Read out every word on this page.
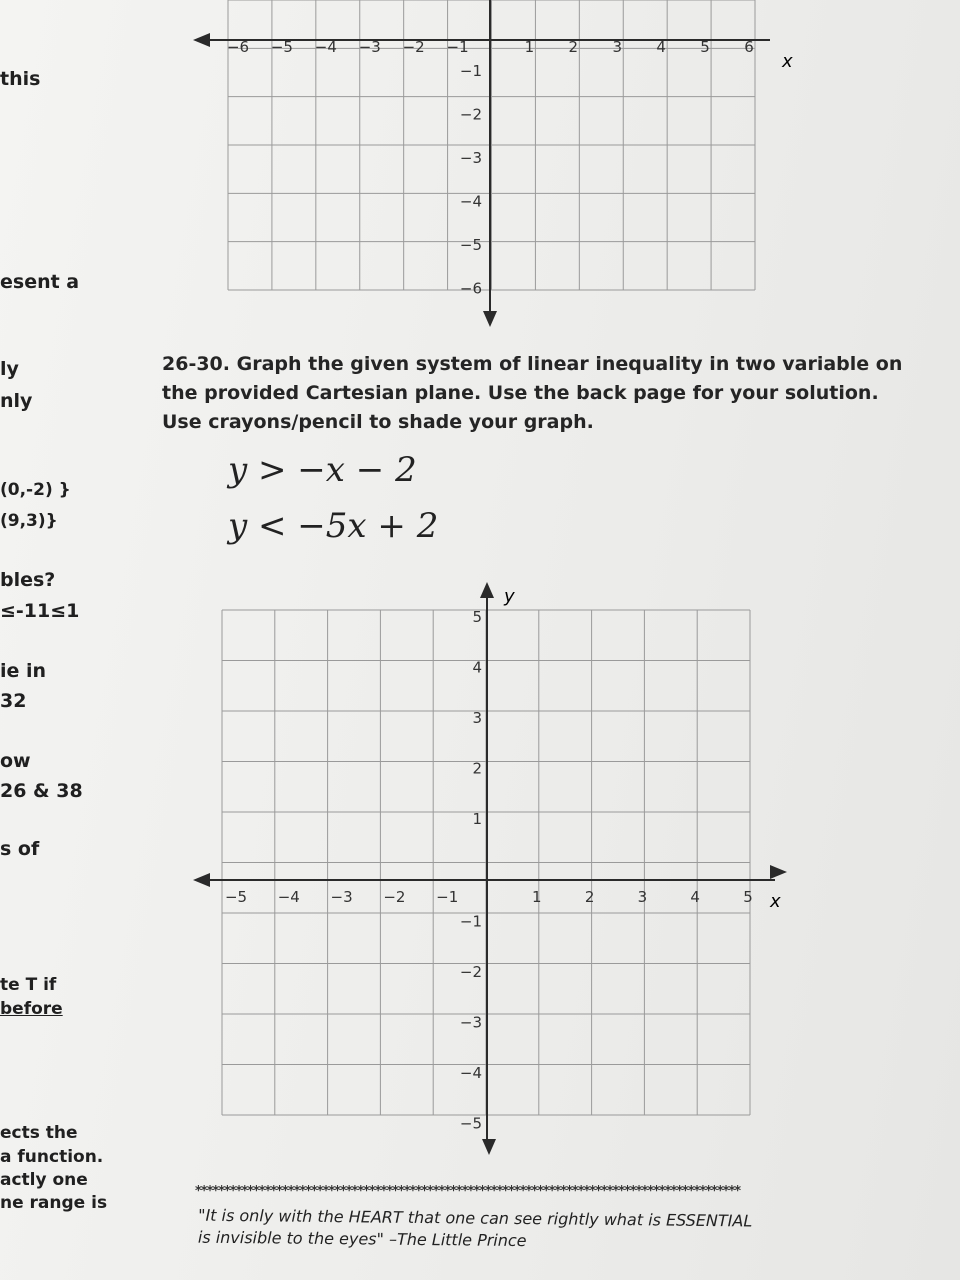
this
esent a
ly
nly
(0,-2) }
(9,3)}
bles?
≤-11≤1
ie in
32
ow
26 & 38
s of
te T if
before
ects the
a function.
actly one
ne range is
−6 −5 −4 −3 −2 −1	1 2 3 4 5 6
−1
−2
−3
−4
−5
−6
x
26-30. Graph the given system of linear inequality in two variable on
the provided Cartesian plane. Use the back page for your solution.
Use crayons/pencil to shade your graph.
y > −x − 2
y < −5x + 2
−5 −4 −3 −2 −1	1	2	3	4	5
5
4
3
2
1
−1
−2
−3
−4
−5
x
y
**********************************************************************************************
"It is only with the HEART that one can see rightly what is ESSENTIAL
is invisible to the eyes" –The Little Prince
